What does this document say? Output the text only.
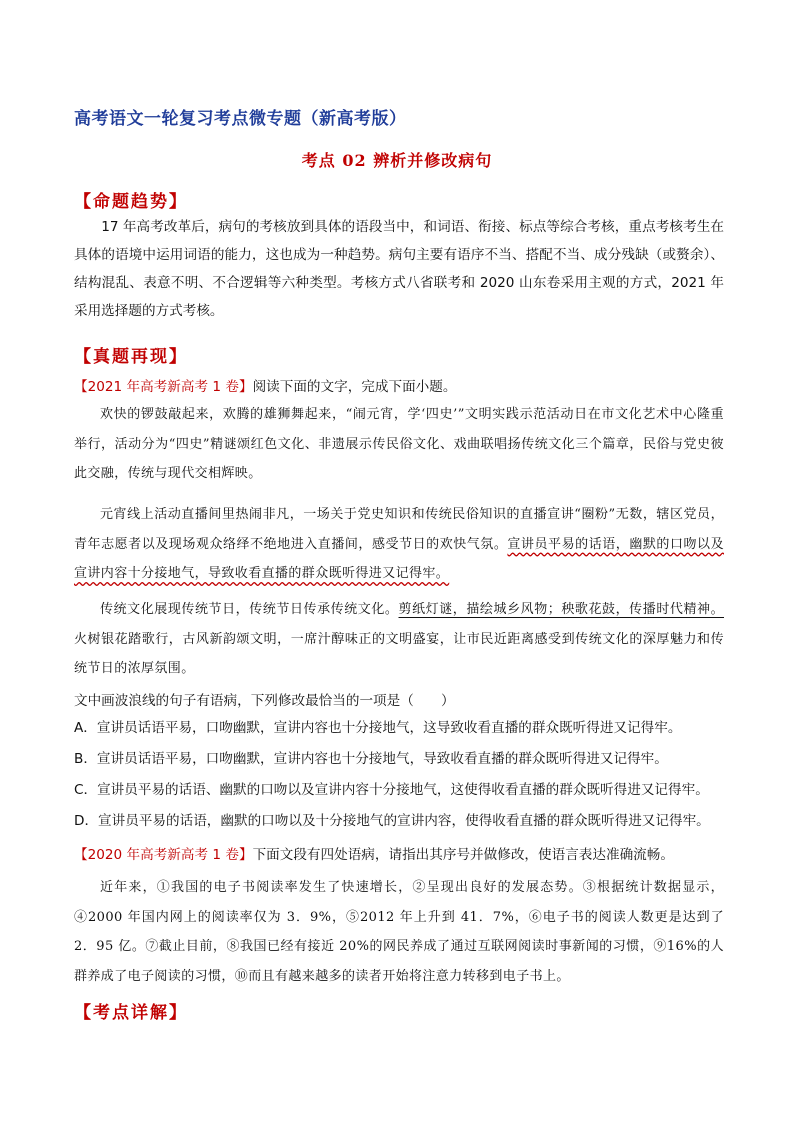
高考语文一轮复习考点微专题（新高考版）
考点 02 辨析并修改病句
【命题趋势】
17 年高考改革后，病句的考核放到具体的语段当中，和词语、衔接、标点等综合考核，重点考核考生在具体的语境中运用词语的能力，这也成为一种趋势。病句主要有语序不当、搭配不当、成分残缺（或赘余）、结构混乱、表意不明、不合逻辑等六种类型。考核方式八省联考和 2020 山东卷采用主观的方式，2021 年采用选择题的方式考核。
【真题再现】
【2021 年高考新高考 1 卷】阅读下面的文字，完成下面小题。
欢快的锣鼓敲起来，欢腾的雄狮舞起来，“闹元宵，学‘四史’”文明实践示范活动日在市文化艺术中心隆重举行，活动分为“四史”精谜颂红色文化、非遗展示传民俗文化、戏曲联唱扬传统文化三个篇章，民俗与党史彼此交融，传统与现代交相辉映。
元宵线上活动直播间里热闹非凡，一场关于党史知识和传统民俗知识的直播宣讲“圈粉”无数，辖区党员，青年志愿者以及现场观众络绎不绝地进入直播间，感受节日的欢快气氛。宣讲员平易的话语，幽默的口吻以及宣讲内容十分接地气，导致收看直播的群众既听得进又记得牢。
传统文化展现传统节日，传统节日传承传统文化。剪纸灯谜，描绘城乡风物；秧歌花鼓，传播时代精神。火树银花踏歌行，古风新韵颂文明，一席汁醇味正的文明盛宴，让市民近距离感受到传统文化的深厚魅力和传统节日的浓厚氛围。
文中画波浪线的句子有语病，下列修改最恰当的一项是（　　）
A．宣讲员话语平易，口吻幽默，宣讲内容也十分接地气，这导致收看直播的群众既听得进又记得牢。
B．宣讲员话语平易，口吻幽默，宣讲内容也十分接地气，导致收看直播的群众既听得进又记得牢。
C．宣讲员平易的话语、幽默的口吻以及宣讲内容十分接地气，这使得收看直播的群众既听得进又记得牢。
D．宣讲员平易的话语，幽默的口吻以及十分接地气的宣讲内容，使得收看直播的群众既听得进又记得牢。
【2020 年高考新高考 1 卷】下面文段有四处语病，请指出其序号并做修改，使语言表达准确流畅。
近年来，①我国的电子书阅读率发生了快速增长，②呈现出良好的发展态势。③根据统计数据显示，④2000 年国内网上的阅读率仅为 3．9%，⑤2012 年上升到 41．7%，⑥电子书的阅读人数更是达到了 2．95 亿。⑦截止目前，⑧我国已经有接近 20%的网民养成了通过互联网阅读时事新闻的习惯，⑨16%的人群养成了电子阅读的习惯，⑩而且有越来越多的读者开始将注意力转移到电子书上。
【考点详解】
